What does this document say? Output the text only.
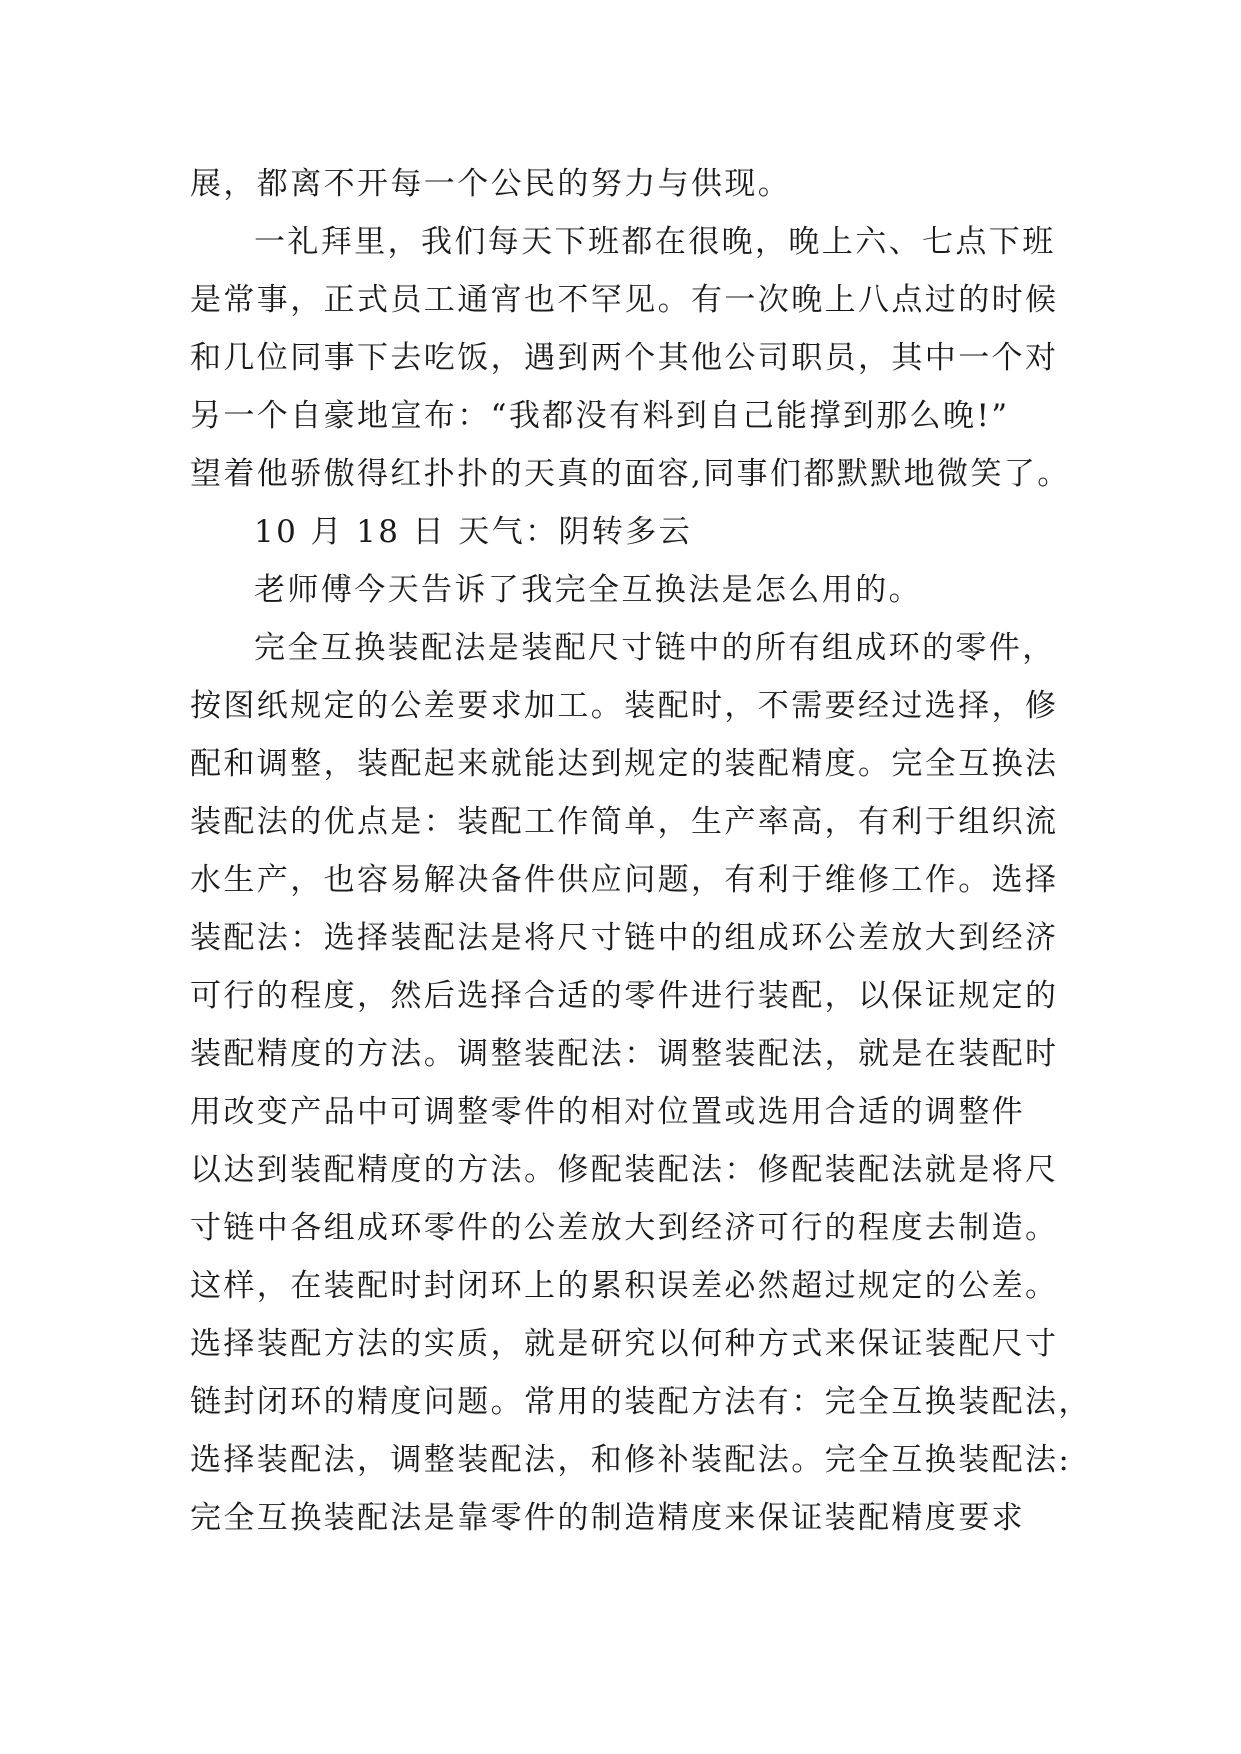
展，都离不开每一个公民的努力与供现。
一礼拜里，我们每天下班都在很晚，晚上六、七点下班
是常事，正式员工通宵也不罕见。有一次晚上八点过的时候
和几位同事下去吃饭，遇到两个其他公司职员，其中一个对
另一个自豪地宣布：“我都没有料到自己能撑到那么晚!”
望着他骄傲得红扑扑的天真的面容,同事们都默默地微笑了。
10 月 18 日 天气：阴转多云
老师傅今天告诉了我完全互换法是怎么用的。
完全互换装配法是装配尺寸链中的所有组成环的零件，
按图纸规定的公差要求加工。装配时，不需要经过选择，修
配和调整，装配起来就能达到规定的装配精度。完全互换法
装配法的优点是：装配工作简单，生产率高，有利于组织流
水生产，也容易解决备件供应问题，有利于维修工作。选择
装配法：选择装配法是将尺寸链中的组成环公差放大到经济
可行的程度，然后选择合适的零件进行装配，以保证规定的
装配精度的方法。调整装配法：调整装配法，就是在装配时
用改变产品中可调整零件的相对位置或选用合适的调整件
以达到装配精度的方法。修配装配法：修配装配法就是将尺
寸链中各组成环零件的公差放大到经济可行的程度去制造。
这样，在装配时封闭环上的累积误差必然超过规定的公差。
选择装配方法的实质，就是研究以何种方式来保证装配尺寸
链封闭环的精度问题。常用的装配方法有：完全互换装配法，
选择装配法，调整装配法，和修补装配法。完全互换装配法:
完全互换装配法是靠零件的制造精度来保证装配精度要求
